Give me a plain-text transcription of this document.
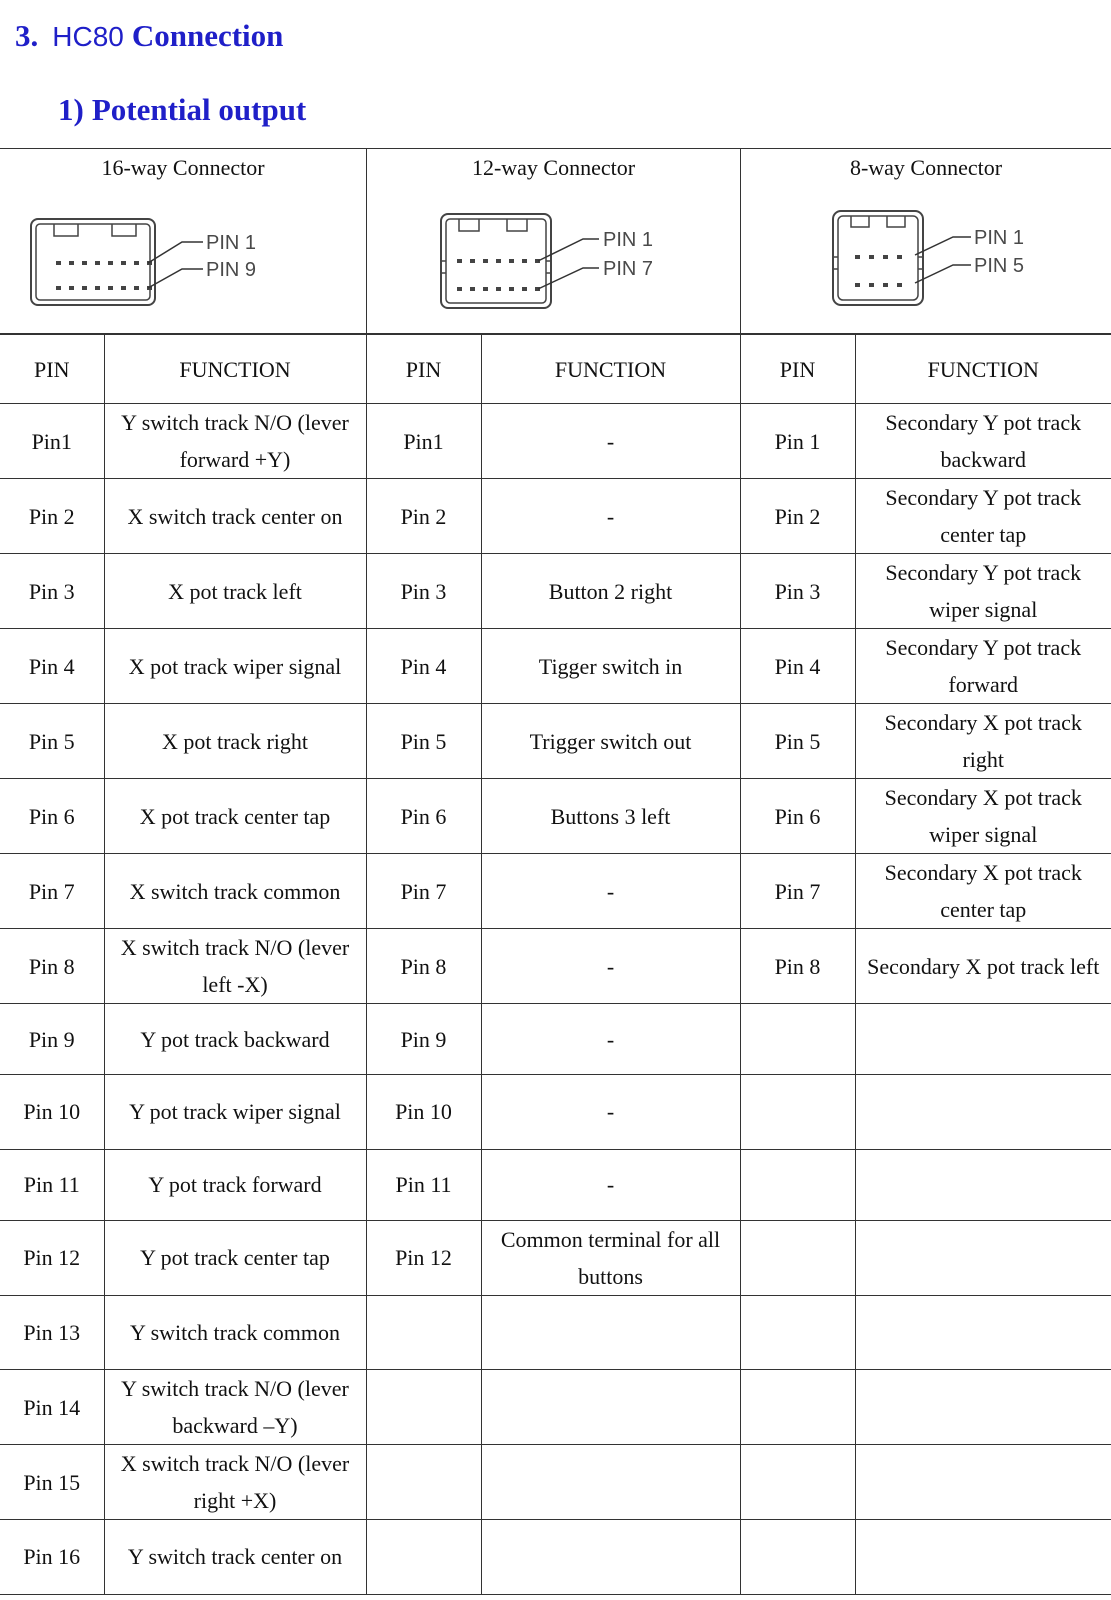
3. HC80 Connection
1) Potential output
16-way Connector
PIN 1
PIN 9
12-way Connector
PIN 1
PIN 7
8-way Connector
PIN 1
PIN 5
PIN	FUNCTION	PIN	FUNCTION	PIN	FUNCTION
Pin1	Y switch track N/O (lever forward +Y)	Pin1	-	Pin 1	Secondary Y pot track backward
Pin 2	X switch track center on	Pin 2	-	Pin 2	Secondary Y pot track center tap
Pin 3	X pot track left	Pin 3	Button 2 right	Pin 3	Secondary Y pot track wiper signal
Pin 4	X pot track wiper signal	Pin 4	Tigger switch in	Pin 4	Secondary Y pot track forward
Pin 5	X pot track right	Pin 5	Trigger switch out	Pin 5	Secondary X pot track right
Pin 6	X pot track center tap	Pin 6	Buttons 3 left	Pin 6	Secondary X pot track wiper signal
Pin 7	X switch track common	Pin 7	-	Pin 7	Secondary X pot track center tap
Pin 8	X switch track N/O (lever left -X)	Pin 8	-	Pin 8	Secondary X pot track left
Pin 9	Y pot track backward	Pin 9	-		
Pin 10	Y pot track wiper signal	Pin 10	-		
Pin 11	Y pot track forward	Pin 11	-		
Pin 12	Y pot track center tap	Pin 12	Common terminal for all buttons		
Pin 13	Y switch track common				
Pin 14	Y switch track N/O (lever backward –Y)				
Pin 15	X switch track N/O (lever right +X)				
Pin 16	Y switch track center on				
